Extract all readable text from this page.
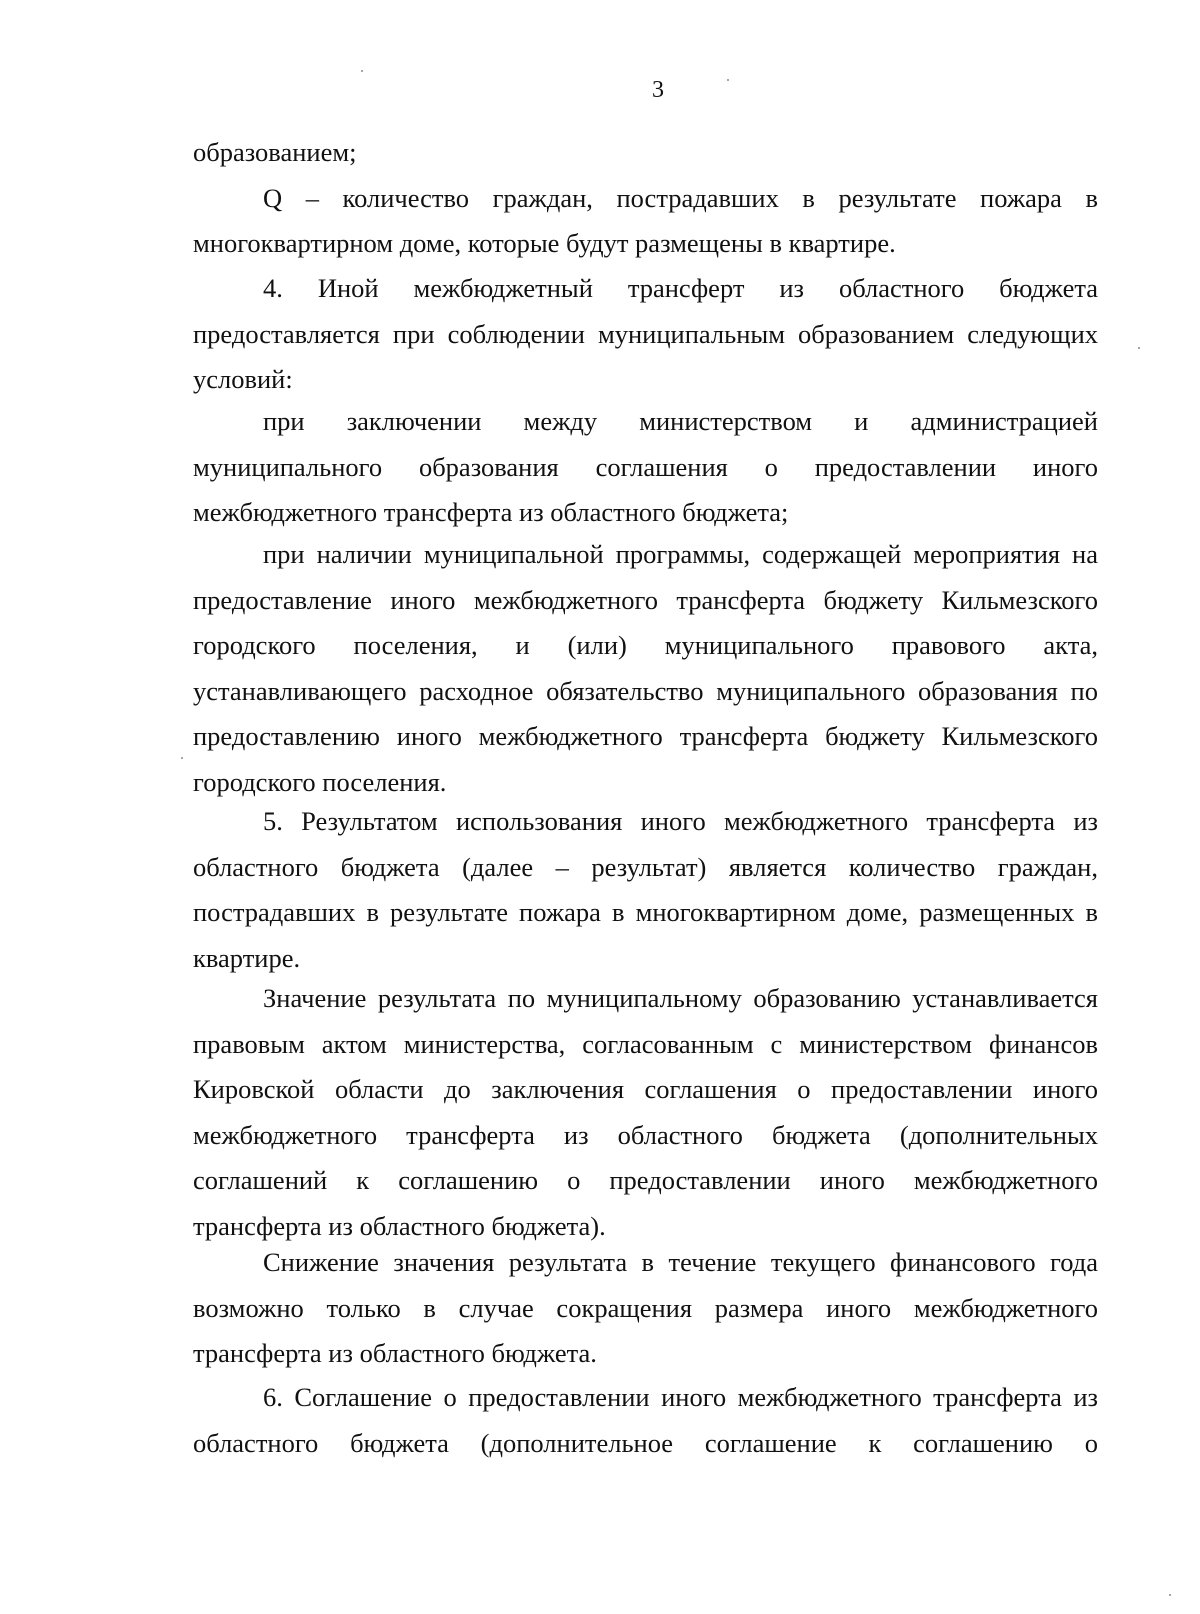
3

образованием;

Q – количество граждан, пострадавших в результате пожара в многоквартирном доме, которые будут размещены в квартире.

4. Иной межбюджетный трансферт из областного бюджета предоставляется при соблюдении муниципальным образованием следующих условий:

при заключении между министерством и администрацией муниципального образования соглашения о предоставлении иного межбюджетного трансферта из областного бюджета;

при наличии муниципальной программы, содержащей мероприятия на предоставление иного межбюджетного трансферта бюджету Кильмезского городского поселения, и (или) муниципального правового акта, устанавливающего расходное обязательство муниципального образования по предоставлению иного межбюджетного трансферта бюджету Кильмезского городского поселения.

5. Результатом использования иного межбюджетного трансферта из областного бюджета (далее – результат) является количество граждан, пострадавших в результате пожара в многоквартирном доме, размещенных в квартире.

Значение результата по муниципальному образованию устанавливается правовым актом министерства, согласованным с министерством финансов Кировской области до заключения соглашения о предоставлении иного межбюджетного трансферта из областного бюджета (дополнительных соглашений к соглашению о предоставлении иного межбюджетного трансферта из областного бюджета).

Снижение значения результата в течение текущего финансового года возможно только в случае сокращения размера иного межбюджетного трансферта из областного бюджета.

6. Соглашение о предоставлении иного межбюджетного трансферта из областного бюджета (дополнительное соглашение к соглашению о
